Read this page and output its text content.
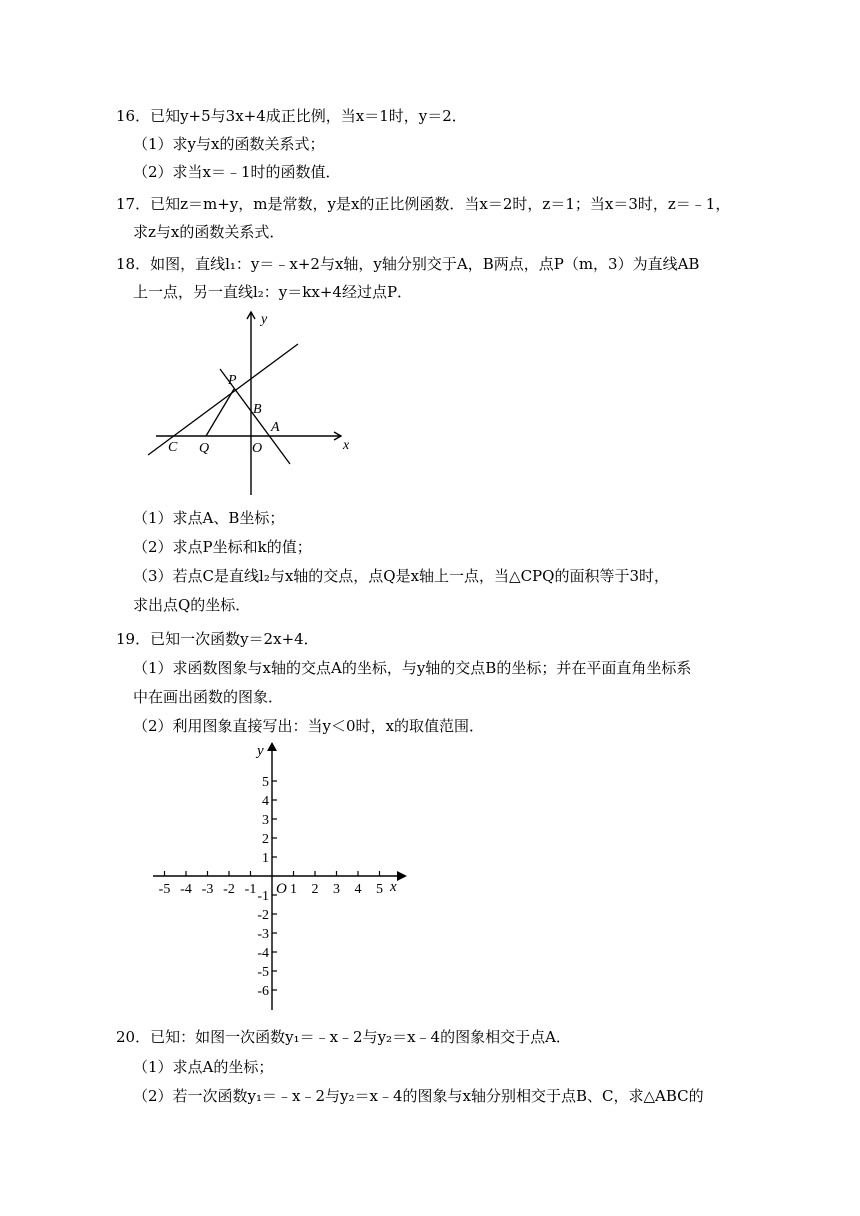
16．已知y+5与3x+4成正比例，当x＝1时，y＝2．
（1）求y与x的函数关系式；
（2）求当x＝﹣1时的函数值．
17．已知z＝m+y，m是常数，y是x的正比例函数．当x＝2时，z＝1；当x＝3时，z＝﹣1，
求z与x的函数关系式．
18．如图，直线l₁：y＝﹣x+2与x轴，y轴分别交于A，B两点，点P（m，3）为直线AB
上一点，另一直线l₂：y＝kx+4经过点P．
y
x
P
B
A
C Q	O
（1）求点A、B坐标；
（2）求点P坐标和k的值；
（3）若点C是直线l₂与x轴的交点，点Q是x轴上一点，当△CPQ的面积等于3时，
求出点Q的坐标．
19．已知一次函数y＝2x+4．
（1）求函数图象与x轴的交点A的坐标，与y轴的交点B的坐标；并在平面直角坐标系
中在画出函数的图象．
（2）利用图象直接写出：当y＜0时，x的取值范围．
y
x
O
-5 -4 -3 -2 -1 1 2 3 4 5
5
4
3
2
1
-1
-2
-3
-4
-5
-6
20．已知：如图一次函数y₁＝﹣x﹣2与y₂＝x﹣4的图象相交于点A．
（1）求点A的坐标；
（2）若一次函数y₁＝﹣x﹣2与y₂＝x﹣4的图象与x轴分别相交于点B、C，求△ABC的
